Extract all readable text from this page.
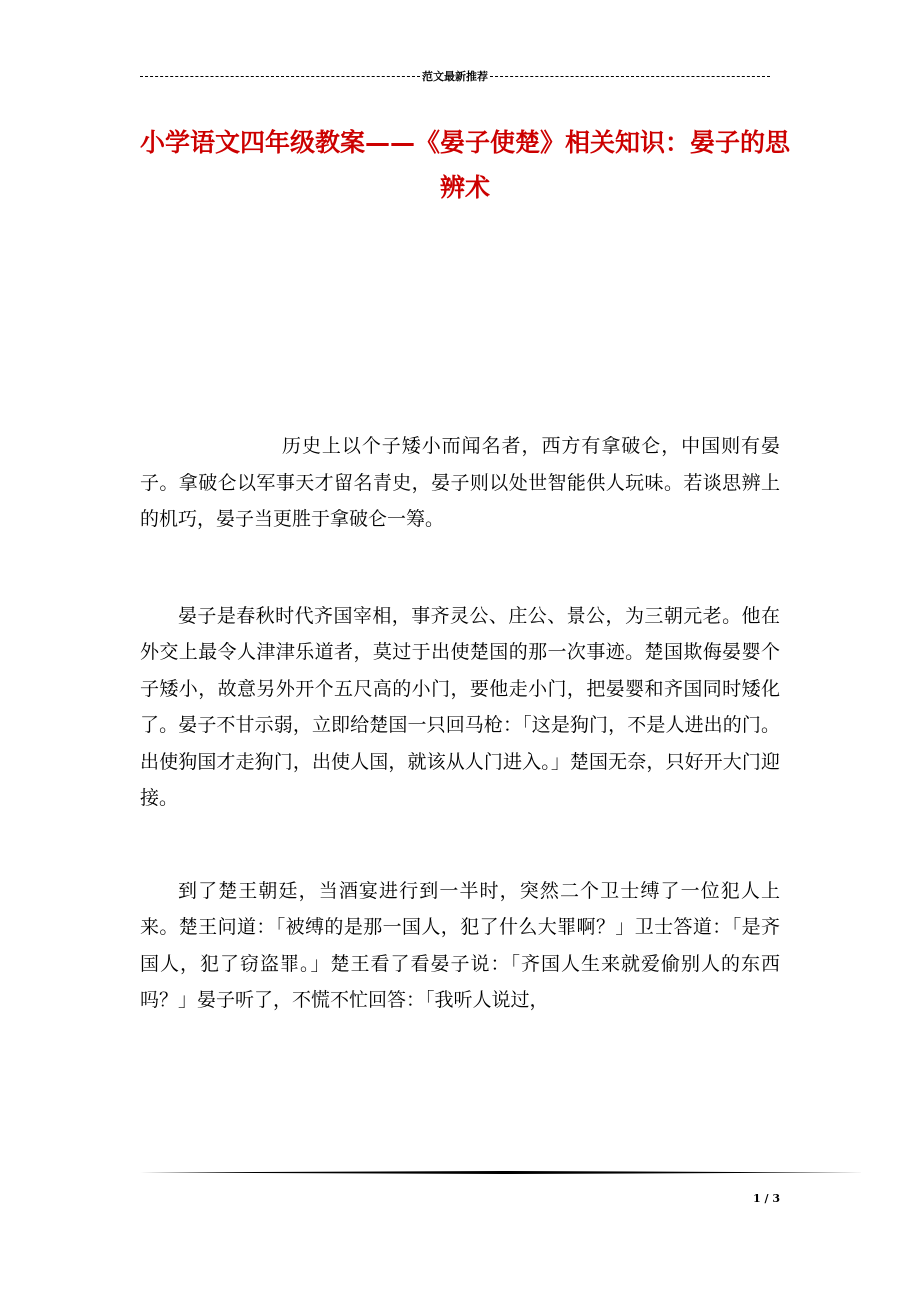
范文最新推荐
小学语文四年级教案——《晏子使楚》相关知识：晏子的思辨术

历史上以个子矮小而闻名者，西方有拿破仑，中国则有晏子。拿破仑以军事天才留名青史，晏子则以处世智能供人玩味。若谈思辨上的机巧，晏子当更胜于拿破仑一筹。

晏子是春秋时代齐国宰相，事齐灵公、庄公、景公，为三朝元老。他在外交上最令人津津乐道者，莫过于出使楚国的那一次事迹。楚国欺侮晏婴个子矮小，故意另外开个五尺高的小门，要他走小门，把晏婴和齐国同时矮化了。晏子不甘示弱，立即给楚国一只回马枪：「这是狗门，不是人进出的门。出使狗国才走狗门，出使人国，就该从人门进入。」楚国无奈，只好开大门迎接。

到了楚王朝廷，当酒宴进行到一半时，突然二个卫士缚了一位犯人上来。楚王问道：「被缚的是那一国人，犯了什么大罪啊？」卫士答道：「是齐国人，犯了窃盗罪。」楚王看了看晏子说：「齐国人生来就爱偷别人的东西吗？」晏子听了，不慌不忙回答：「我听人说过，

1 / 3
